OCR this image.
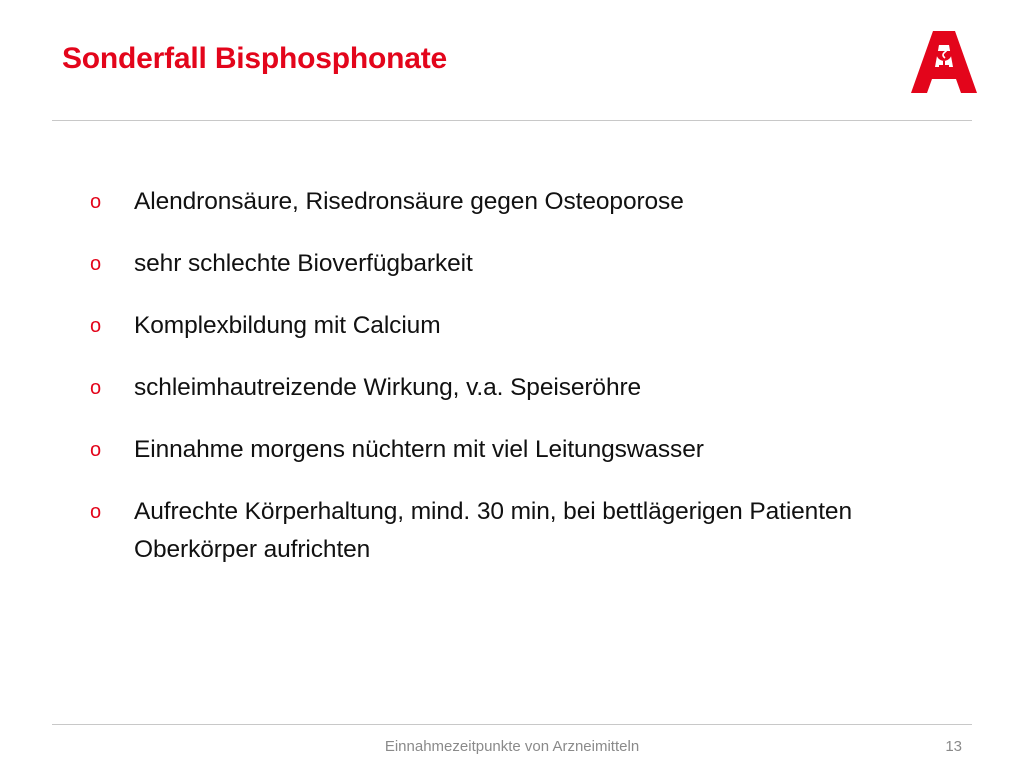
Sonderfall Bisphosphonate
o	Alendronsäure, Risedronsäure gegen Osteoporose
o	sehr schlechte Bioverfügbarkeit
o	Komplexbildung mit Calcium
o	schleimhautreizende Wirkung, v.a. Speiseröhre
o	Einnahme morgens nüchtern mit viel Leitungswasser
o	Aufrechte Körperhaltung, mind. 30 min, bei bettlägerigen Patienten
Oberkörper aufrichten
Einnahmezeitpunkte von Arzneimitteln	13
